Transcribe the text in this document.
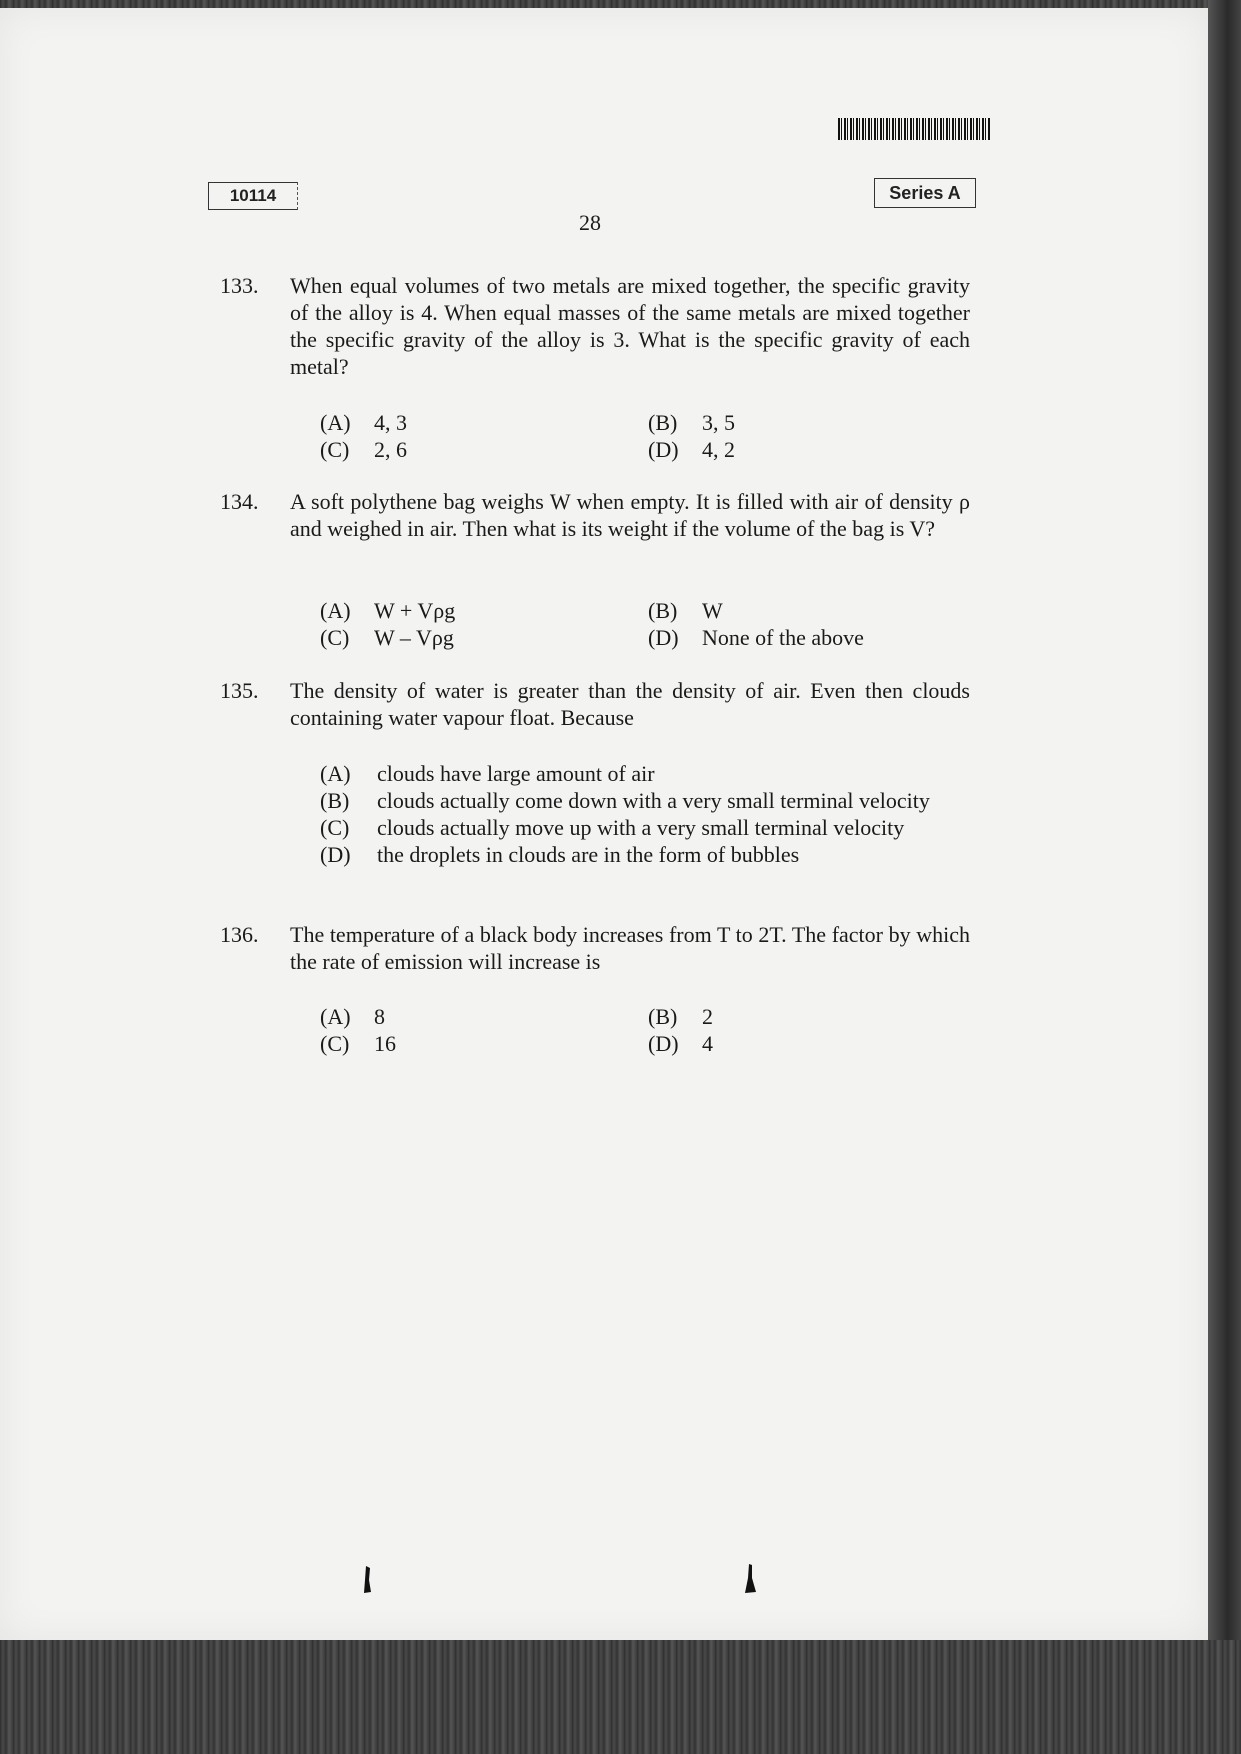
10114	Series A
28
133. When equal volumes of two metals are mixed together, the specific gravity of the alloy is 4. When equal masses of the same metals are mixed together the specific gravity of the alloy is 3. What is the specific gravity of each metal?
(A) 4, 3	(B) 3, 5
(C) 2, 6	(D) 4, 2
134. A soft polythene bag weighs W when empty. It is filled with air of density ρ and weighed in air. Then what is its weight if the volume of the bag is V?
(A) W + Vρg	(B) W
(C) W – Vρg	(D) None of the above
135. The density of water is greater than the density of air. Even then clouds containing water vapour float. Because
(A) clouds have large amount of air
(B) clouds actually come down with a very small terminal velocity
(C) clouds actually move up with a very small terminal velocity
(D) the droplets in clouds are in the form of bubbles
136. The temperature of a black body increases from T to 2T. The factor by which the rate of emission will increase is
(A) 8	(B) 2
(C) 16	(D) 4
